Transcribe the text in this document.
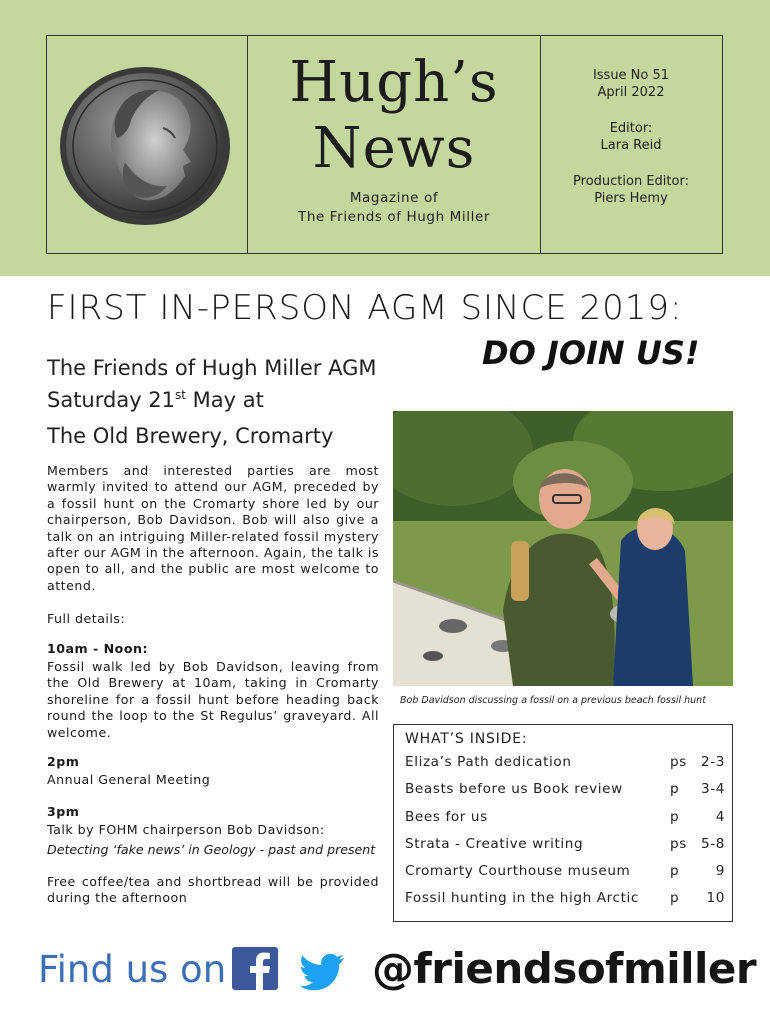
Hugh’s
News
Magazine of
The Friends of Hugh Miller
Issue No 51
April 2022
Editor:
Lara Reid
Production Editor:
Piers Hemy
FIRST IN-PERSON AGM SINCE 2019:
DO JOIN US!
The Friends of Hugh Miller AGM
Saturday 21st May at
The Old Brewery, Cromarty
Members and interested parties are most warmly invited to attend our AGM, preceded by a fossil hunt on the Cromarty shore led by our chairperson, Bob Davidson. Bob will also give a talk on an intriguing Miller-related fossil mystery after our AGM in the afternoon. Again, the talk is open to all, and the public are most welcome to attend.
Full details:
10am - Noon:
Fossil walk led by Bob Davidson, leaving from the Old Brewery at 10am, taking in Cromarty shoreline for a fossil hunt before heading back round the loop to the St Regulus’ graveyard. All welcome.
2pm
Annual General Meeting
3pm
Talk by FOHM chairperson Bob Davidson:
Detecting ‘fake news’ in Geology - past and present
Free coffee/tea and shortbread will be provided during the afternoon
Bob Davidson discussing a fossil on a previous beach fossil hunt
WHAT’S INSIDE:
Eliza’s Path dedication	ps 2-3
Beasts before us Book review	p 3-4
Bees for us	p	4
Strata - Creative writing	ps 5-8
Cromarty Courthouse museum	p	9
Fossil hunting in the high Arctic p 10
Find us on	@friendsofmiller
